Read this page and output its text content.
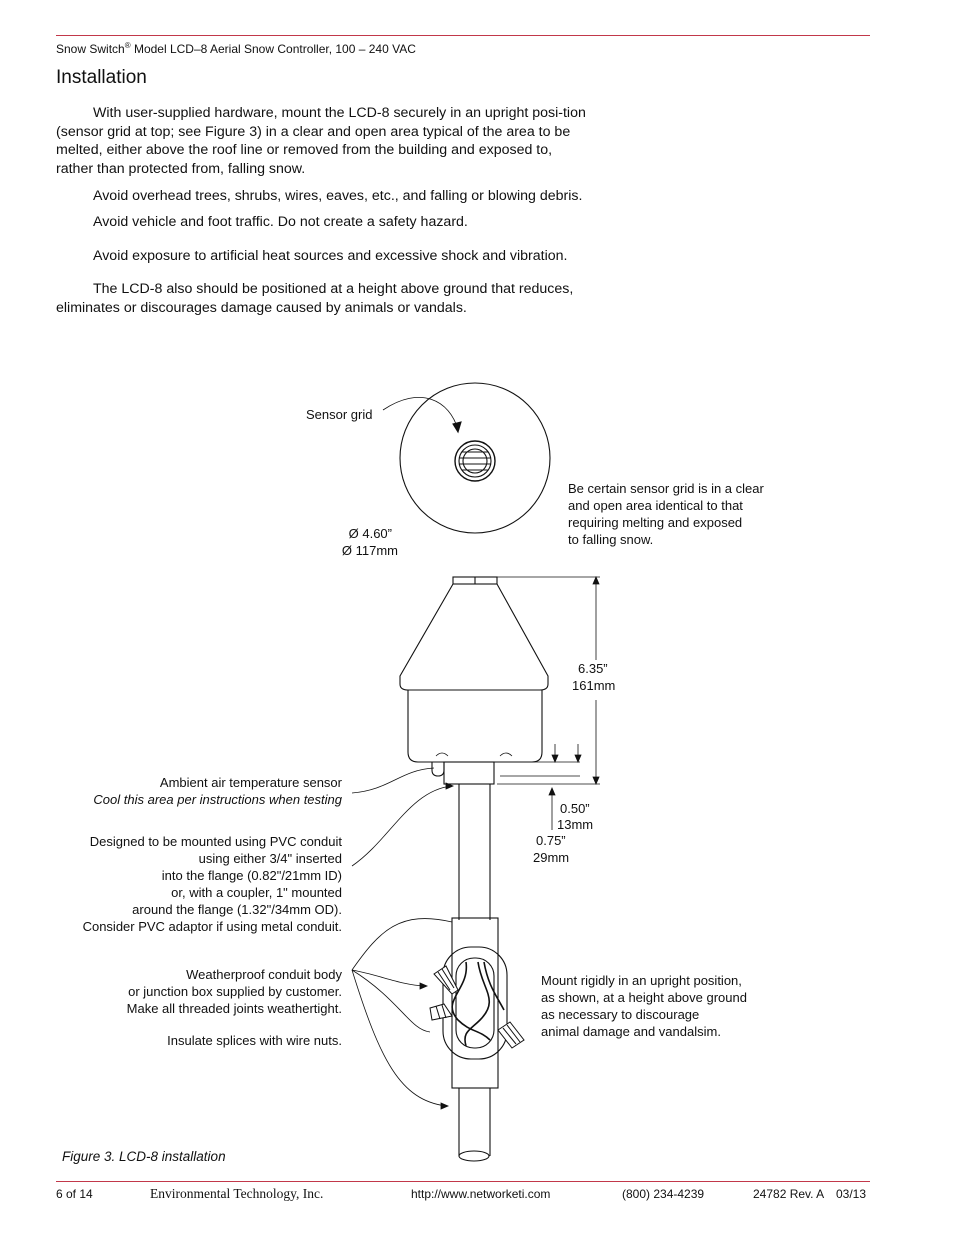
Snow Switch® Model LCD–8 Aerial Snow Controller, 100 – 240 VAC
Installation

With user-supplied hardware, mount the LCD-8 securely in an upright posi-tion (sensor grid at top; see Figure 3) in a clear and open area typical of the area to be melted, either above the roof line or removed from the building and exposed to, rather than protected from, falling snow.

Avoid overhead trees, shrubs, wires, eaves, etc., and falling or blowing debris.

Avoid vehicle and foot traffic. Do not create a safety hazard.

Avoid exposure to artificial heat sources and excessive shock and vibration.

The LCD-8 also should be positioned at a height above ground that reduces, eliminates or discourages damage caused by animals or vandals.

Sensor grid
Ø 4.60”
Ø 117mm
Be certain sensor grid is in a clear
and open area identical to that
requiring melting and exposed
to falling snow.
6.35”
161mm
Ambient air temperature sensor
Cool this area per instructions when testing
0.50”
13mm
0.75”
29mm
Designed to be mounted using PVC conduit
using either 3/4" inserted
into the flange (0.82"/21mm ID)
or, with a coupler, 1" mounted
around the flange (1.32"/34mm OD).
Consider PVC adaptor if using metal conduit.
Weatherproof conduit body
or junction box supplied by customer.
Make all threaded joints weathertight.
Insulate splices with wire nuts.
Mount rigidly in an upright position,
as shown, at a height above ground
as necessary to discourage
animal damage and vandalsim.
Figure 3. LCD-8 installation
6 of 14	Environmental Technology, Inc.	http://www.networketi.com	(800) 234-4239	24782 Rev. A 03/13
